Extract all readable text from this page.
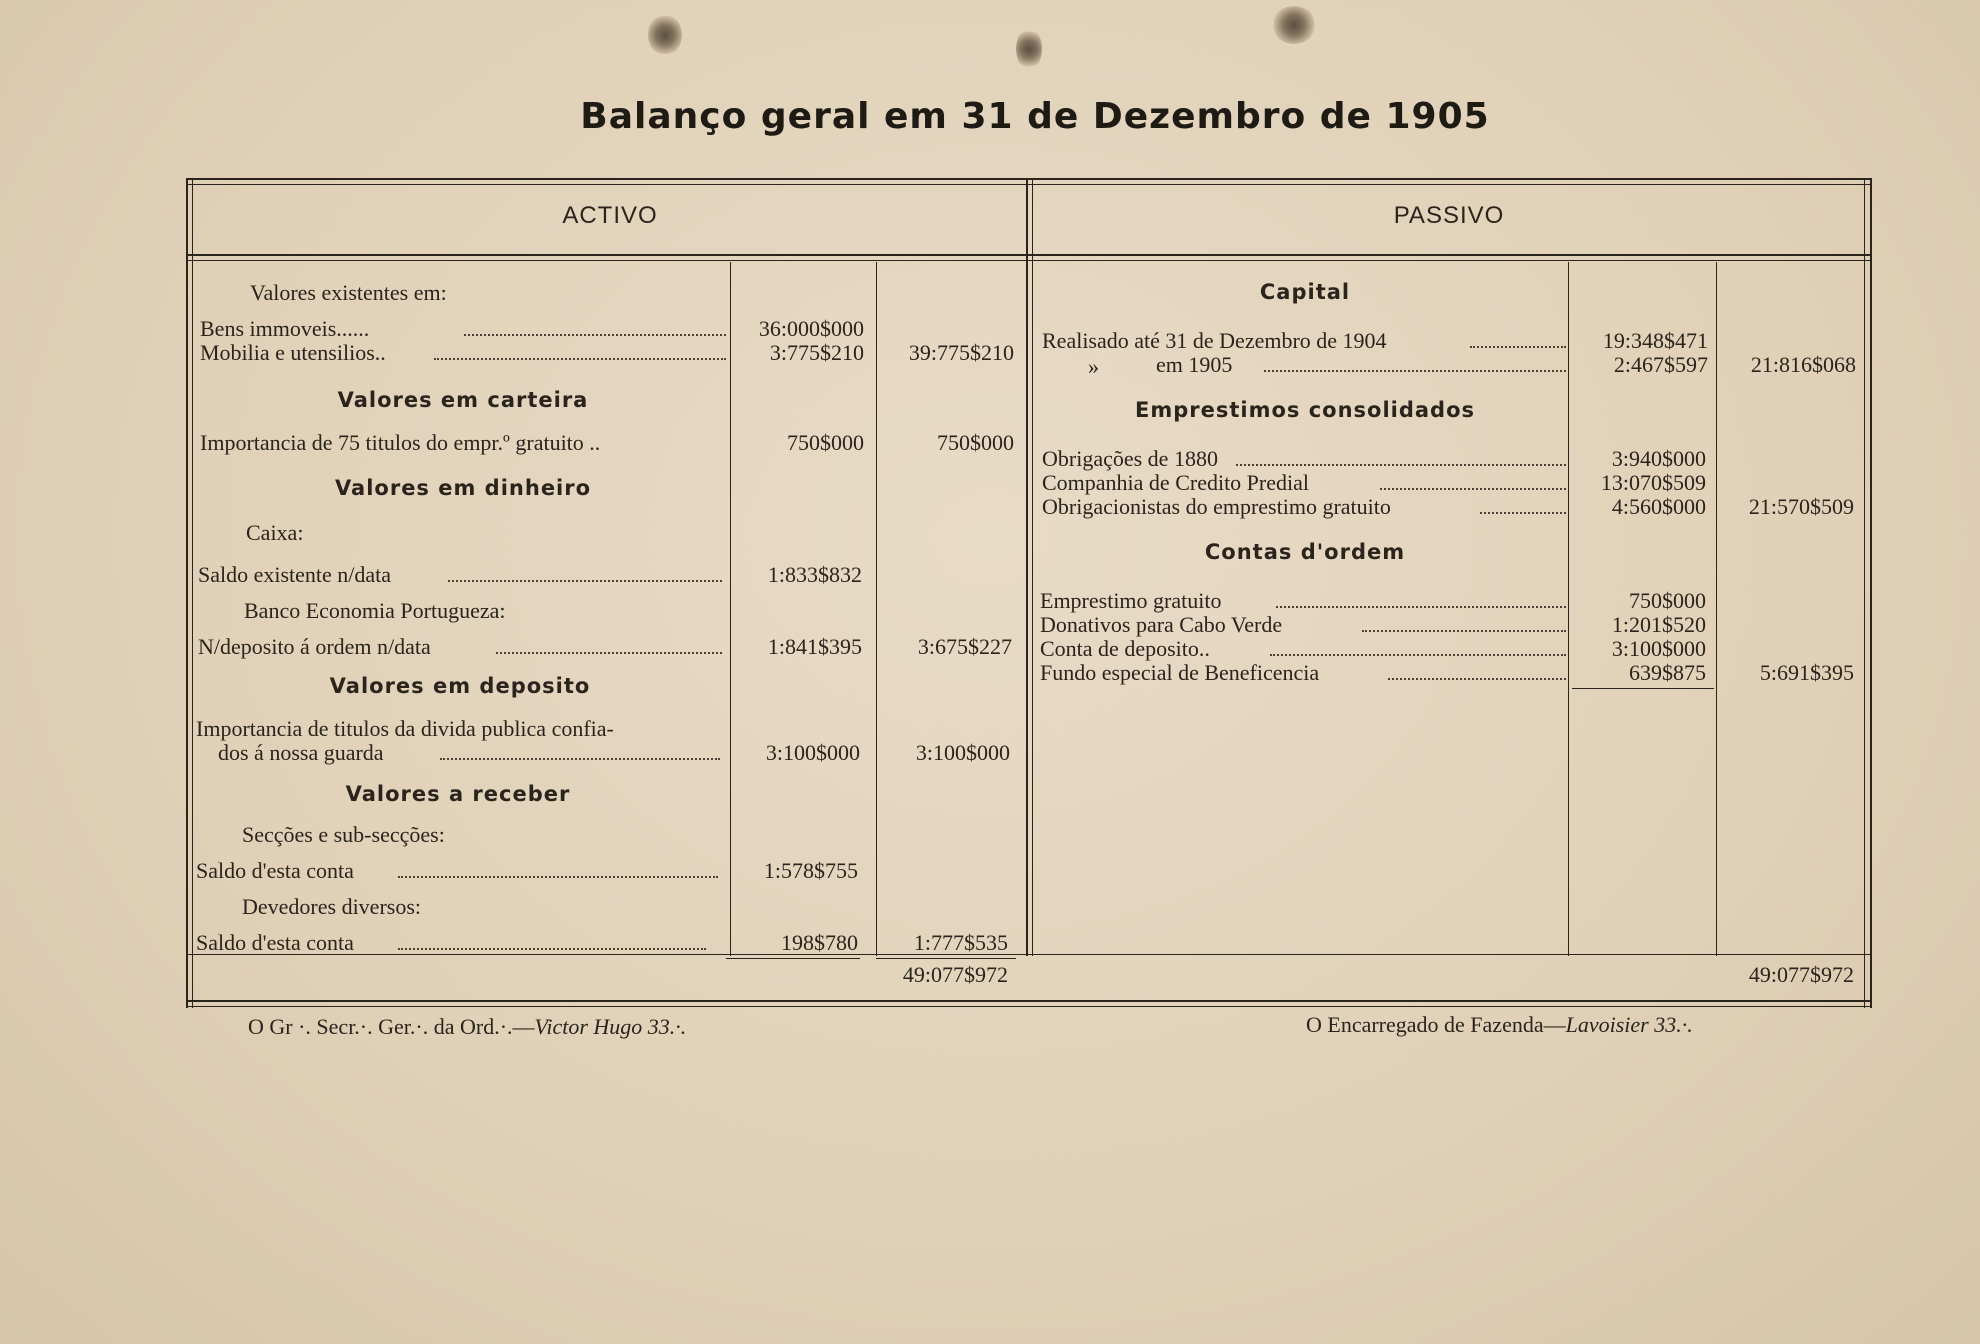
Balanço geral em 31 de Dezembro de 1905
ACTIVO	PASSIVO
Valores existentes em:
Bens immoveis......	36:000$000
Mobilia e utensilios..	3:775$210	39:775$210
Valores em carteira
Importancia de 75 titulos do empr.º gratuito ..	750$000	750$000
Valores em dinheiro
Caixa:
Saldo existente n/data	1:833$832
Banco Economia Portugueza:
N/deposito á ordem n/data	1:841$395	3:675$227
Valores em deposito
Importancia de titulos da divida publica confia-
dos á nossa guarda	3:100$000	3:100$000
Valores a receber
Secções e sub-secções:
Saldo d'esta conta	1:578$755
Devedores diversos:
Saldo d'esta conta	198$780	1:777$535
49:077$972
Capital
Realisado até 31 de Dezembro de 1904	19:348$471
»	em 1905	2:467$597	21:816$068
Emprestimos consolidados
Obrigações de 1880	3:940$000
Companhia de Credito Predial	13:070$509
Obrigacionistas do emprestimo gratuito	4:560$000	21:570$509
Contas d'ordem
Emprestimo gratuito	750$000
Donativos para Cabo Verde	1:201$520
Conta de deposito..	3:100$000
Fundo especial de Beneficencia	639$875	5:691$395
49:077$972
O Gr ·. Secr.·. Ger.·. da Ord.·.—Victor Hugo 33.·.	O Encarregado de Fazenda—Lavoisier 33.·.
